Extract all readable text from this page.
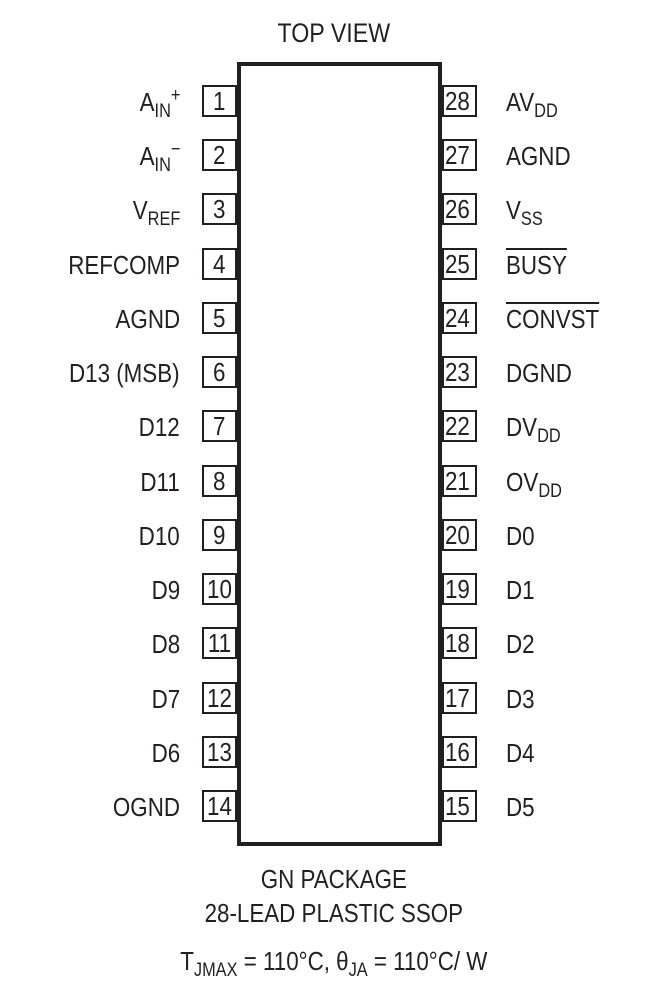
TOP VIEW
1
$A_{IN}^+$
2
$A_{IN}^-$
3
$V_{REF}$
4
REFCOMP
5
AGND
6
D13 (MSB)
7
D12
8
D11
9
D10
10
D9
11
D8
12
D7
13
D6
14
OGND
28 $AV_{DD}$
27 AGND
26 $V_{SS}$
25 BUSY
24 CONVST
23 DGND
22 $DV_{DD}$
21 $OV_{DD}$
20 D0
19 D1
18 D2
17 D3
16 D4
15 D5
GN PACKAGE
28-LEAD PLASTIC SSOP
$T_{JMAX} = 110^\circ C$, $\theta_{JA} = 110^\circ C/$ W
